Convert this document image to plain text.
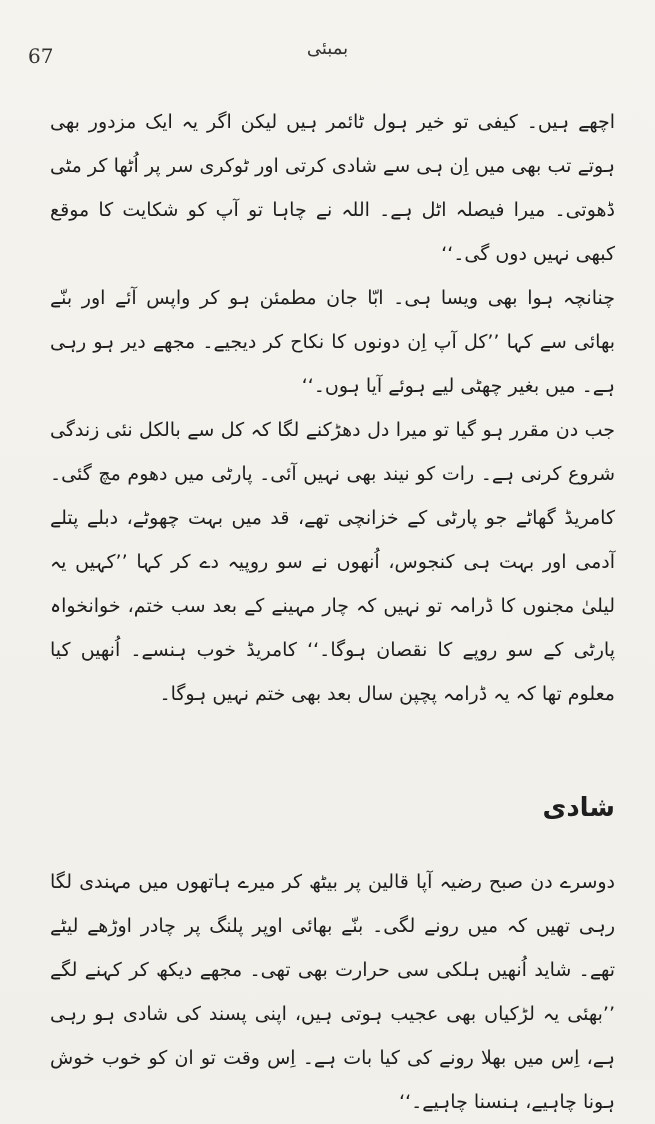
67	بمبئی

اچھے ہیں۔ کیفی تو خیر ہول ٹائمر ہیں لیکن اگر یہ ایک مزدور بھی ہوتے تب بھی میں اِن ہی سے شادی کرتی اور ٹوکری سر پر اُٹھا کر مٹی ڈھوتی۔ میرا فیصلہ اٹل ہے۔ اللہ نے چاہا تو آپ کو شکایت کا موقع کبھی نہیں دوں گی۔‘‘

چنانچہ ہوا بھی ویسا ہی۔ ابّا جان مطمئن ہو کر واپس آئے اور بنّے بھائی سے کہا ’’کل آپ اِن دونوں کا نکاح کر دیجیے۔ مجھے دیر ہو رہی ہے۔ میں بغیر چھٹی لیے ہوئے آیا ہوں۔‘‘

جب دن مقرر ہو گیا تو میرا دل دھڑکنے لگا کہ کل سے بالکل نئی زندگی شروع کرنی ہے۔ رات کو نیند بھی نہیں آئی۔ پارٹی میں دھوم مچ گئی۔ کامریڈ گھاٹے جو پارٹی کے خزانچی تھے، قد میں بہت چھوٹے، دبلے پتلے آدمی اور بہت ہی کنجوس، اُنھوں نے سو روپیہ دے کر کہا ’’کہیں یہ لیلیٰ مجنوں کا ڈرامہ تو نہیں کہ چار مہینے کے بعد سب ختم، خوانخواہ پارٹی کے سو روپے کا نقصان ہوگا۔‘‘ کامریڈ خوب ہنسے۔ اُنھیں کیا معلوم تھا کہ یہ ڈرامہ پچپن سال بعد بھی ختم نہیں ہوگا۔

شادی

دوسرے دن صبح رضیہ آپا قالین پر بیٹھ کر میرے ہاتھوں میں مہندی لگا رہی تھیں کہ میں رونے لگی۔ بنّے بھائی اوپر پلنگ پر چادر اوڑھے لیٹے تھے۔ شاید اُنھیں ہلکی سی حرارت بھی تھی۔ مجھے دیکھ کر کہنے لگے ’’بھئی یہ لڑکیاں بھی عجیب ہوتی ہیں، اپنی پسند کی شادی ہو رہی ہے، اِس میں بھلا رونے کی کیا بات ہے۔ اِس وقت تو ان کو خوب خوش ہونا چاہیے، ہنسنا چاہیے۔‘‘
